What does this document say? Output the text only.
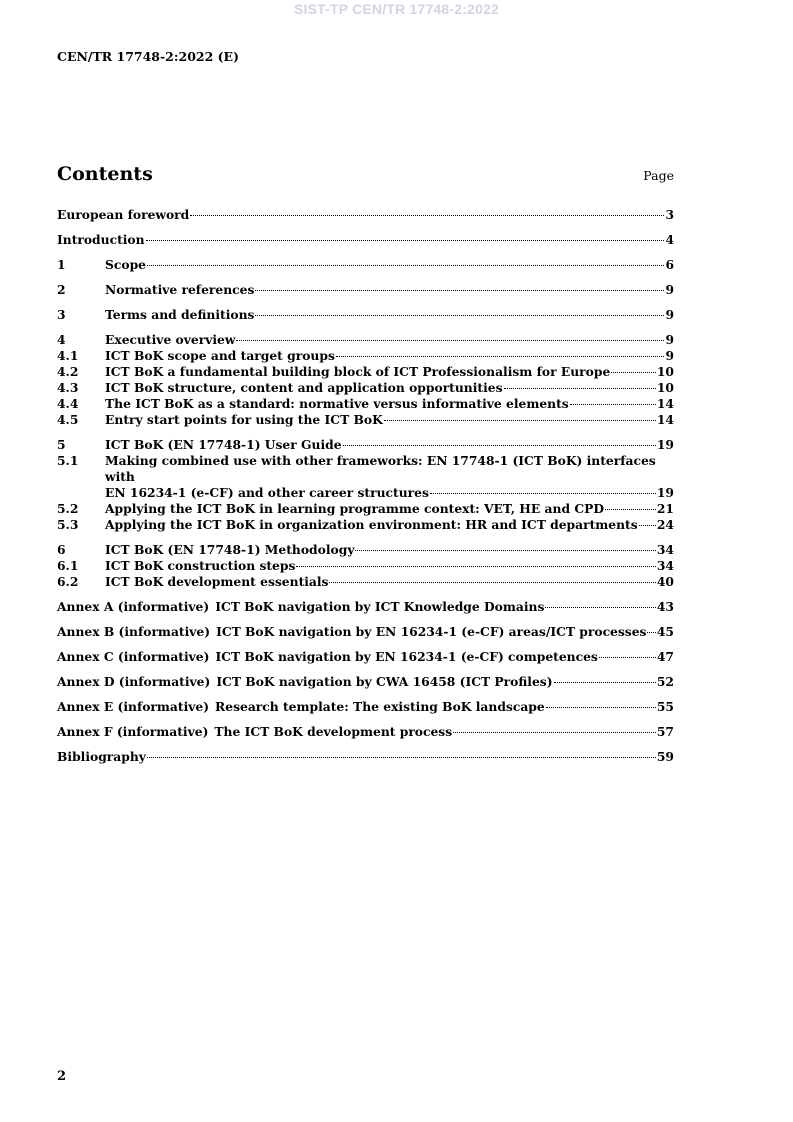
SIST-TP CEN/TR 17748-2:2022
CEN/TR 17748-2:2022 (E)
Contents	Page
European foreword	3
Introduction	4
1	Scope	6
2	Normative references	9
3	Terms and definitions	9
4	Executive overview	9
4.1	ICT BoK scope and target groups	9
4.2	ICT BoK a fundamental building block of ICT Professionalism for Europe	10
4.3	ICT BoK structure, content and application opportunities	10
4.4	The ICT BoK as a standard: normative versus informative elements	14
4.5	Entry start points for using the ICT BoK	14
5	ICT BoK (EN 17748-1) User Guide	19
5.1	Making combined use with other frameworks: EN 17748-1 (ICT BoK) interfaces with
EN 16234-1 (e-CF) and other career structures	19
5.2	Applying the ICT BoK in learning programme context: VET, HE and CPD	21
5.3	Applying the ICT BoK in organization environment: HR and ICT departments 24
6	ICT BoK (EN 17748-1) Methodology	34
6.1	ICT BoK construction steps	34
6.2	ICT BoK development essentials	40
Annex A (informative) ICT BoK navigation by ICT Knowledge Domains	43
Annex B (informative) ICT BoK navigation by EN 16234-1 (e-CF) areas/ICT processes 45
Annex C (informative) ICT BoK navigation by EN 16234-1 (e-CF) competences	47
Annex D (informative) ICT BoK navigation by CWA 16458 (ICT Profiles)	52
Annex E (informative) Research template: The existing BoK landscape	55
Annex F (informative) The ICT BoK development process	57
Bibliography	59
2
